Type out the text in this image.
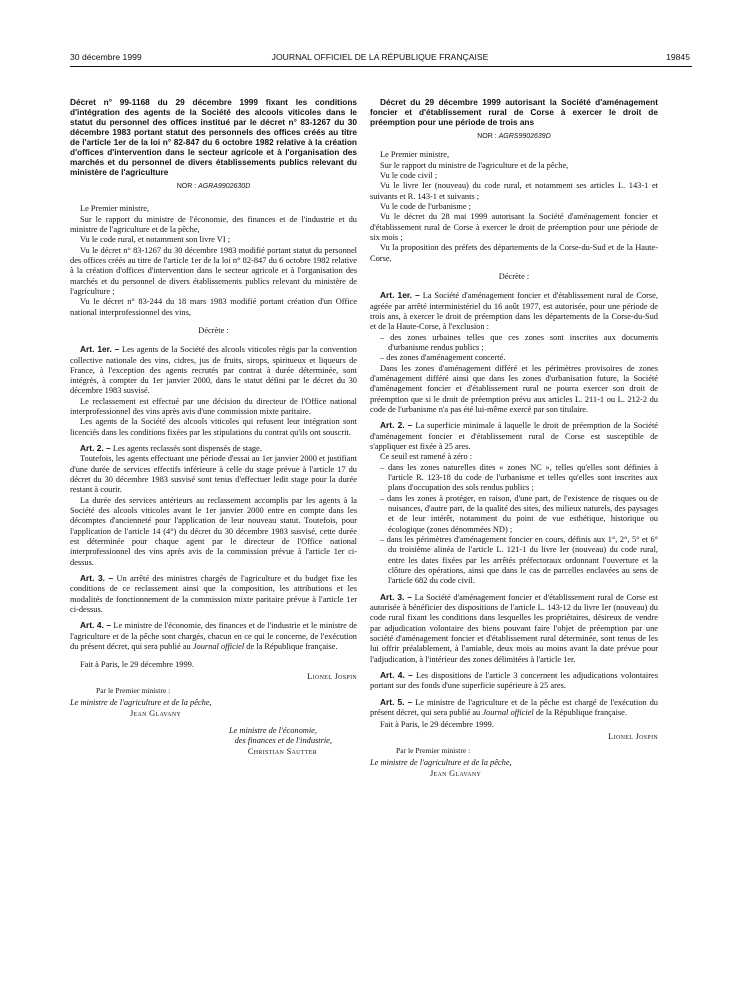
30 décembre 1999	JOURNAL OFFICIEL DE LA RÉPUBLIQUE FRANÇAISE	19845

Décret n° 99-1168 du 29 décembre 1999 fixant les conditions d'intégration des agents de la Société des alcools viticoles dans le statut du personnel des offices institué par le décret n° 83-1267 du 30 décembre 1983 portant statut des personnels des offices créés au titre de l'article 1er de la loi n° 82-847 du 6 octobre 1982 relative à la création d'offices d'intervention dans le secteur agricole et à l'organisation des marchés et du personnel de divers établissements publics relevant du ministère de l'agriculture

NOR : AGRA9902630D

Le Premier ministre,

Sur le rapport du ministre de l'économie, des finances et de l'industrie et du ministre de l'agriculture et de la pêche,

Vu le code rural, et notamment son livre VI ;

Vu le décret n° 83-1267 du 30 décembre 1983 modifié portant statut du personnel des offices créés au titre de l'article 1er de la loi n° 82-847 du 6 octobre 1982 relative à la création d'offices d'intervention dans le secteur agricole et à l'organisation des marchés et du personnel de divers établissements publics relevant du ministère de l'agriculture ;

Vu le décret n° 83-244 du 18 mars 1983 modifié portant création d'un Office national interprofessionnel des vins,

Décrète :

Art. 1er. – Les agents de la Société des alcools viticoles régis par la convention collective nationale des vins, cidres, jus de fruits, sirops, spiritueux et liqueurs de France, à l'exception des agents recrutés par contrat à durée déterminée, sont intégrés, à compter du 1er janvier 2000, dans le statut défini par le décret du 30 décembre 1983 susvisé.

Le reclassement est effectué par une décision du directeur de l'Office national interprofessionnel des vins après avis d'une commission mixte paritaire.

Les agents de la Société des alcools viticoles qui refusent leur intégration sont licenciés dans les conditions fixées par les stipulations du contrat qu'ils ont souscrit.

Art. 2. – Les agents reclassés sont dispensés de stage.

Toutefois, les agents effectuant une période d'essai au 1er janvier 2000 et justifiant d'une durée de services effectifs inférieure à celle du stage prévue à l'article 17 du décret du 30 décembre 1983 susvisé sont tenus d'effectuer ledit stage pour la durée restant à courir.

La durée des services antérieurs au reclassement accomplis par les agents à la Société des alcools viticoles avant le 1er janvier 2000 entre en compte dans les décomptes d'ancienneté pour l'application de leur nouveau statut. Toutefois, pour l'application de l'article 14 (4°) du décret du 30 décembre 1983 susvisé, cette durée est déterminée pour chaque agent par le directeur de l'Office national interprofessionnel des vins après avis de la commission prévue à l'article 1er ci-dessus.

Art. 3. – Un arrêté des ministres chargés de l'agriculture et du budget fixe les conditions de ce reclassement ainsi que la composition, les attributions et les modalités de fonctionnement de la commission mixte paritaire prévue à l'article 1er ci-dessus.

Art. 4. – Le ministre de l'économie, des finances et de l'industrie et le ministre de l'agriculture et de la pêche sont chargés, chacun en ce qui le concerne, de l'exécution du présent décret, qui sera publié au Journal officiel de la République française.

Fait à Paris, le 29 décembre 1999.

Lionel Jospin
Par le Premier ministre :
Le ministre de l'agriculture et de la pêche,
Jean Glavany
Le ministre de l'économie,
des finances et de l'industrie,
Christian Sautter

Décret du 29 décembre 1999 autorisant la Société d'aménagement foncier et d'établissement rural de Corse à exercer le droit de préemption pour une période de trois ans

NOR : AGRS9902639D

Le Premier ministre,

Sur le rapport du ministre de l'agriculture et de la pêche,

Vu le code civil ;

Vu le livre Ier (nouveau) du code rural, et notamment ses articles L. 143-1 et suivants et R. 143-1 et suivants ;

Vu le code de l'urbanisme ;

Vu le décret du 28 mai 1999 autorisant la Société d'aménagement foncier et d'établissement rural de Corse à exercer le droit de préemption pour une période de six mois ;

Vu la proposition des préfets des départements de la Corse-du-Sud et de la Haute-Corse,

Décrète :

Art. 1er. – La Société d'aménagement foncier et d'établissement rural de Corse, agréée par arrêté interministériel du 16 août 1977, est autorisée, pour une période de trois ans, à exercer le droit de préemption dans les départements de la Corse-du-Sud et de la Haute-Corse, à l'exclusion :

– des zones urbaines telles que ces zones sont inscrites aux documents d'urbanisme rendus publics ;
– des zones d'aménagement concerté.

Dans les zones d'aménagement différé et les périmètres provisoires de zones d'aménagement différé ainsi que dans les zones d'urbanisation future, la Société d'aménagement foncier et d'établissement rural ne pourra exercer son droit de préemption que si le droit de préemption prévu aux articles L. 211-1 ou L. 212-2 du code de l'urbanisme n'a pas été lui-même exercé par son titulaire.

Art. 2. – La superficie minimale à laquelle le droit de préemption de la Société d'aménagement foncier et d'établissement rural de Corse est susceptible de s'appliquer est fixée à 25 ares.

Ce seuil est ramené à zéro :

– dans les zones naturelles dites « zones NC », telles qu'elles sont définies à l'article R. 123-18 du code de l'urbanisme et telles qu'elles sont inscrites aux plans d'occupation des sols rendus publics ;
– dans les zones à protéger, en raison, d'une part, de l'existence de risques ou de nuisances, d'autre part, de la qualité des sites, des milieux naturels, des paysages et de leur intérêt, notamment du point de vue esthétique, historique ou écologique (zones dénommées ND) ;
– dans les périmètres d'aménagement foncier en cours, définis aux 1°, 2°, 5° et 6° du troisième alinéa de l'article L. 121-1 du livre Ier (nouveau) du code rural, entre les dates fixées par les arrêtés préfectoraux ordonnant l'ouverture et la clôture des opérations, ainsi que dans le cas de parcelles enclavées au sens de l'article 682 du code civil.

Art. 3. – La Société d'aménagement foncier et d'établissement rural de Corse est autorisée à bénéficier des dispositions de l'article L. 143-12 du livre Ier (nouveau) du code rural fixant les conditions dans lesquelles les propriétaires, désireux de vendre par adjudication volontaire des biens pouvant faire l'objet de préemption par une société d'aménagement foncier et d'établissement rural déterminée, sont tenus de les lui offrir préalablement, à l'amiable, deux mois au moins avant la date prévue pour l'adjudication, à l'intérieur des zones délimitées à l'article 1er.

Art. 4. – Les dispositions de l'article 3 concernent les adjudications volontaires portant sur des fonds d'une superficie supérieure à 25 ares.

Art. 5. – Le ministre de l'agriculture et de la pêche est chargé de l'exécution du présent décret, qui sera publié au Journal officiel de la République française.

Fait à Paris, le 29 décembre 1999.

Lionel Jospin
Par le Premier ministre :
Le ministre de l'agriculture et de la pêche,
Jean Glavany
